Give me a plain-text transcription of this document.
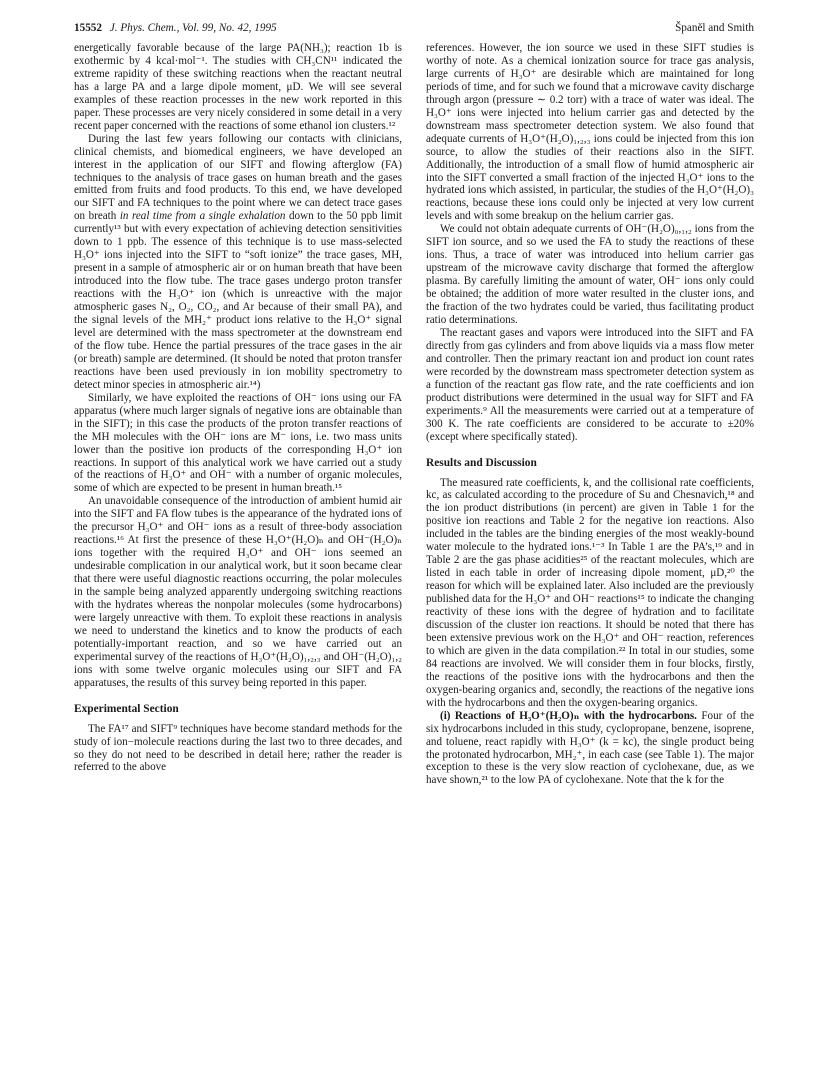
15552 J. Phys. Chem., Vol. 99, No. 42, 1995	Španěl and Smith

energetically favorable because of the large PA(NH₃); reaction 1b is exothermic by 4 kcal·mol⁻¹. The studies with CH₃CN¹¹ indicated the extreme rapidity of these switching reactions when the reactant neutral has a large PA and a large dipole moment, μD. We will see several examples of these reaction processes in the new work reported in this paper. These processes are very nicely considered in some detail in a very recent paper concerned with the reactions of some ethanol ion clusters.¹²

During the last few years following our contacts with clinicians, clinical chemists, and biomedical engineers, we have developed an interest in the application of our SIFT and flowing afterglow (FA) techniques to the analysis of trace gases on human breath and the gases emitted from fruits and food products. To this end, we have developed our SIFT and FA techniques to the point where we can detect trace gases on breath in real time from a single exhalation down to the 50 ppb limit currently¹³ but with every expectation of achieving detection sensitivities down to 1 ppb. The essence of this technique is to use mass-selected H₃O⁺ ions injected into the SIFT to “soft ionize” the trace gases, MH, present in a sample of atmospheric air or on human breath that have been introduced into the flow tube. The trace gases undergo proton transfer reactions with the H₃O⁺ ion (which is unreactive with the major atmospheric gases N₂, O₂, CO₂, and Ar because of their small PA), and the signal levels of the MH₂⁺ product ions relative to the H₃O⁺ signal level are determined with the mass spectrometer at the downstream end of the flow tube. Hence the partial pressures of the trace gases in the air (or breath) sample are determined. (It should be noted that proton transfer reactions have been used previously in ion mobility spectrometry to detect minor species in atmospheric air.¹⁴)

Similarly, we have exploited the reactions of OH⁻ ions using our FA apparatus (where much larger signals of negative ions are obtainable than in the SIFT); in this case the products of the proton transfer reactions of the MH molecules with the OH⁻ ions are M⁻ ions, i.e. two mass units lower than the positive ion products of the corresponding H₃O⁺ ion reactions. In support of this analytical work we have carried out a study of the reactions of H₃O⁺ and OH⁻ with a number of organic molecules, some of which are expected to be present in human breath.¹⁵

An unavoidable consequence of the introduction of ambient humid air into the SIFT and FA flow tubes is the appearance of the hydrated ions of the precursor H₃O⁺ and OH⁻ ions as a result of three-body association reactions.¹⁶ At first the presence of these H₃O⁺(H₂O)ₙ and OH⁻(H₂O)ₙ ions together with the required H₃O⁺ and OH⁻ ions seemed an undesirable complication in our analytical work, but it soon became clear that there were useful diagnostic reactions occurring, the polar molecules in the sample being analyzed apparently undergoing switching reactions with the hydrates whereas the nonpolar molecules (some hydrocarbons) were largely unreactive with them. To exploit these reactions in analysis we need to understand the kinetics and to know the products of each potentially-important reaction, and so we have carried out an experimental survey of the reactions of H₃O⁺(H₂O)₁,₂,₃ and OH⁻(H₂O)₁,₂ ions with some twelve organic molecules using our SIFT and FA apparatuses, the results of this survey being reported in this paper.

Experimental Section

The FA¹⁷ and SIFT⁹ techniques have become standard methods for the study of ion−molecule reactions during the last two to three decades, and so they do not need to be described in detail here; rather the reader is referred to the above

references. However, the ion source we used in these SIFT studies is worthy of note. As a chemical ionization source for trace gas analysis, large currents of H₃O⁺ are desirable which are maintained for long periods of time, and for such we found that a microwave cavity discharge through argon (pressure ∼ 0.2 torr) with a trace of water was ideal. The H₃O⁺ ions were injected into helium carrier gas and detected by the downstream mass spectrometer detection system. We also found that adequate currents of H₃O⁺(H₂O)₁,₂,₃ ions could be injected from this ion source, to allow the studies of their reactions also in the SIFT. Additionally, the introduction of a small flow of humid atmospheric air into the SIFT converted a small fraction of the injected H₃O⁺ ions to the hydrated ions which assisted, in particular, the studies of the H₃O⁺(H₂O)₃ reactions, because these ions could only be injected at very low current levels and with some breakup on the helium carrier gas.

We could not obtain adequate currents of OH⁻(H₂O)₀,₁,₂ ions from the SIFT ion source, and so we used the FA to study the reactions of these ions. Thus, a trace of water was introduced into helium carrier gas upstream of the microwave cavity discharge that formed the afterglow plasma. By carefully limiting the amount of water, OH⁻ ions only could be obtained; the addition of more water resulted in the cluster ions, and the fraction of the two hydrates could be varied, thus facilitating product ratio determinations.

The reactant gases and vapors were introduced into the SIFT and FA directly from gas cylinders and from above liquids via a mass flow meter and controller. Then the primary reactant ion and product ion count rates were recorded by the downstream mass spectrometer detection system as a function of the reactant gas flow rate, and the rate coefficients and ion product distributions were determined in the usual way for SIFT and FA experiments.⁹ All the measurements were carried out at a temperature of 300 K. The rate coefficients are considered to be accurate to ±20% (except where specifically stated).

Results and Discussion

The measured rate coefficients, k, and the collisional rate coefficients, kc, as calculated according to the procedure of Su and Chesnavich,¹⁸ and the ion product distributions (in percent) are given in Table 1 for the positive ion reactions and Table 2 for the negative ion reactions. Also included in the tables are the binding energies of the most weakly-bound water molecule to the hydrated ions.¹⁻³ In Table 1 are the PA’s,¹⁹ and in Table 2 are the gas phase acidities²⁵ of the reactant molecules, which are listed in each table in order of increasing dipole moment, μD,²⁰ the reason for which will be explained later. Also included are the previously published data for the H₃O⁺ and OH⁻ reactions¹⁵ to indicate the changing reactivity of these ions with the degree of hydration and to facilitate discussion of the cluster ion reactions. It should be noted that there has been extensive previous work on the H₃O⁺ and OH⁻ reaction, references to which are given in the data compilation.²² In total in our studies, some 84 reactions are involved. We will consider them in four blocks, firstly, the reactions of the positive ions with the hydrocarbons and then the oxygen-bearing organics and, secondly, the reactions of the negative ions with the hydrocarbons and then the oxygen-bearing organics.

(i) Reactions of H₃O⁺(H₂O)ₙ with the hydrocarbons. Four of the six hydrocarbons included in this study, cyclopropane, benzene, isoprene, and toluene, react rapidly with H₃O⁺ (k = kc), the single product being the protonated hydrocarbon, MH₂⁺, in each case (see Table 1). The major exception to these is the very slow reaction of cyclohexane, due, as we have shown,²¹ to the low PA of cyclohexane. Note that the k for the
